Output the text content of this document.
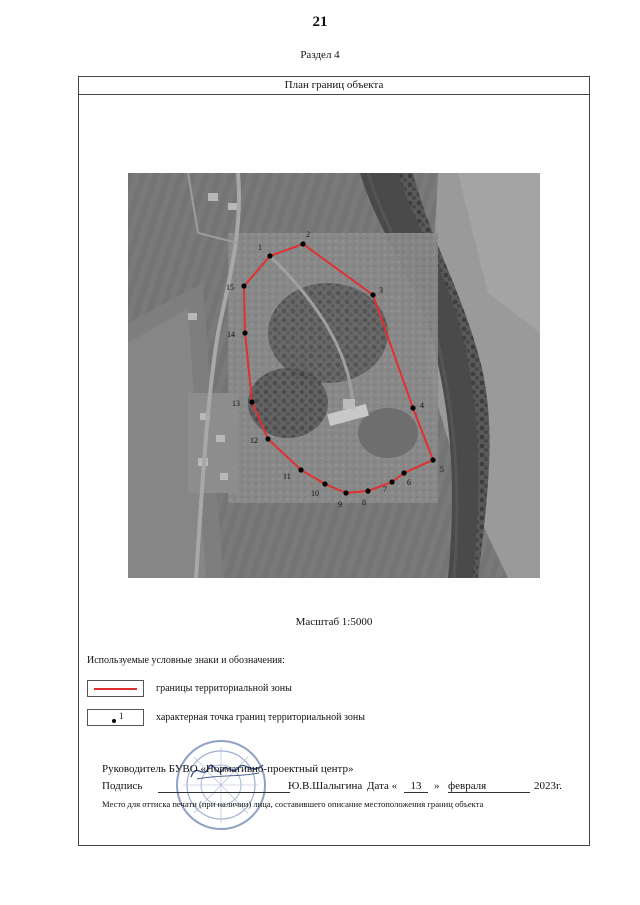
21
Раздел 4
План границ объекта
1
2
3
4
5
6
7
8
9
10
11
12
13
14
15
Масштаб 1:5000
Используемые условные знаки и обозначения:
границы территориальной зоны
1	характерная точка границ территориальной зоны
Руководитель БУВО «Нормативно-проектный центр»
Подпись	Ю.В.Шалыгина Дата «	13	» февраля	2023г.
Место для оттиска печати (при наличии) лица, составившего описание местоположения границ объекта
